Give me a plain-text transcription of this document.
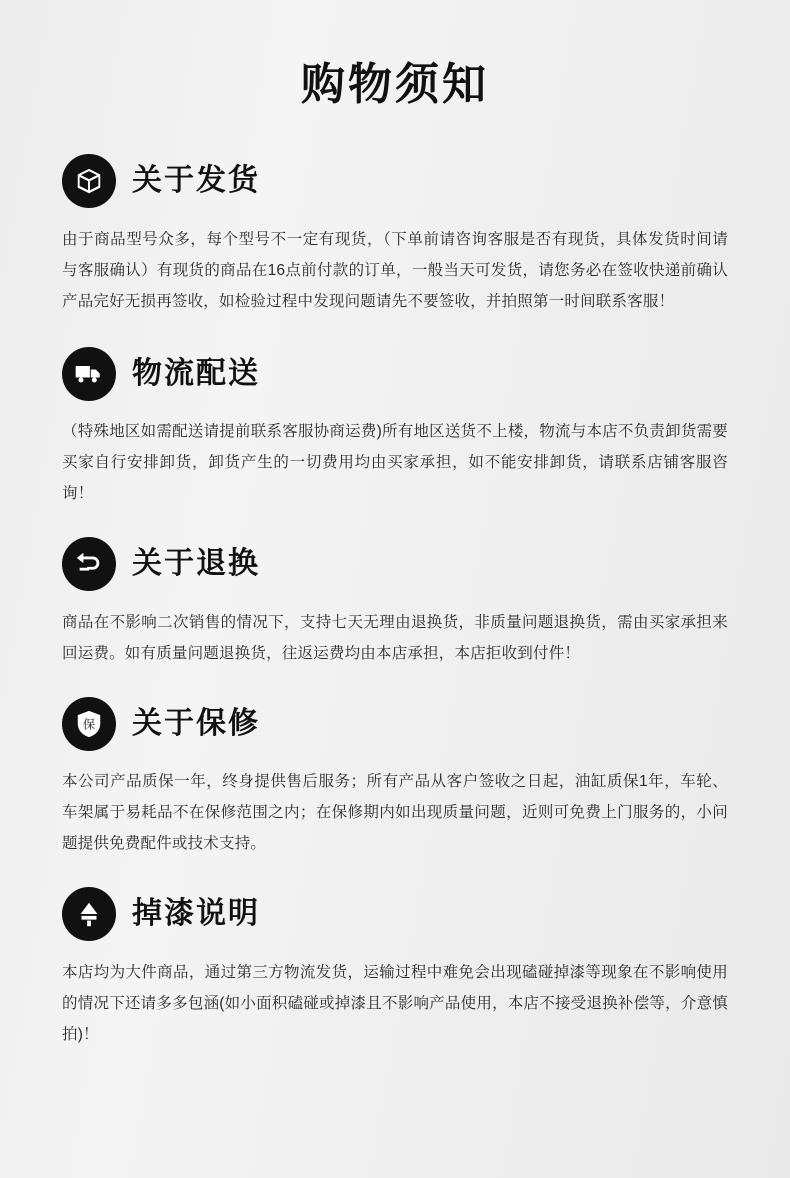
购物须知
关于发货

由于商品型号众多，每个型号不一定有现货，（下单前请咨询客服是否有现货，具体发货时间请与客服确认）有现货的商品在16点前付款的订单，一般当天可发货，请您务必在签收快递前确认产品完好无损再签收，如检验过程中发现问题请先不要签收，并拍照第一时间联系客服！

物流配送

（特殊地区如需配送请提前联系客服协商运费)所有地区送货不上楼，物流与本店不负责卸货需要买家自行安排卸货，卸货产生的一切费用均由买家承担，如不能安排卸货，请联系店铺客服咨询！

关于退换

商品在不影响二次销售的情况下，支持七天无理由退换货，非质量问题退换货，需由买家承担来回运费。如有质量问题退换货，往返运费均由本店承担，本店拒收到付件！

保 关于保修

本公司产品质保一年，终身提供售后服务；所有产品从客户签收之日起，油缸质保1年，车轮、车架属于易耗品不在保修范围之内；在保修期内如出现质量问题，近则可免费上门服务的，小问题提供免费配件或技术支持。

掉漆说明

本店均为大件商品，通过第三方物流发货，运输过程中难免会出现磕碰掉漆等现象在不影响使用的情况下还请多多包涵(如小面积磕碰或掉漆且不影响产品使用，本店不接受退换补偿等，介意慎拍)！
